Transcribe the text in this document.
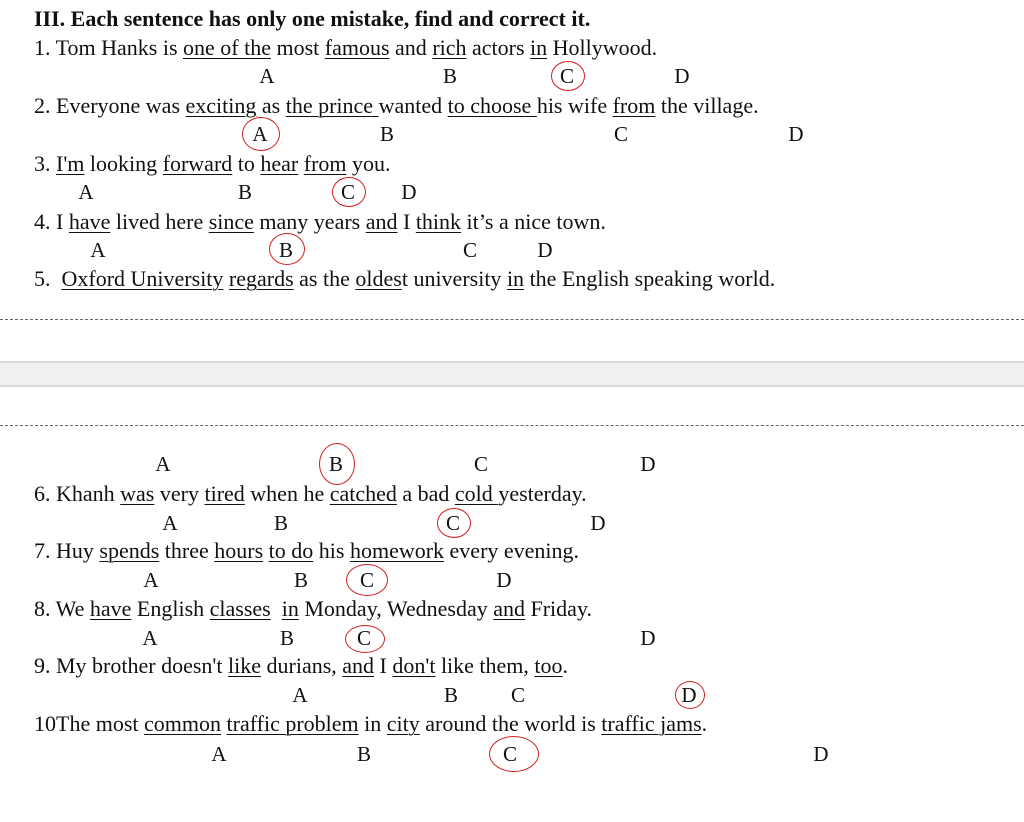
III. Each sentence has only one mistake, find and correct it.
1. Tom Hanks is one of the most famous and rich actors in Hollywood.
A	B	C	D
2. Everyone was exciting as the prince wanted to choose his wife from the village.
A	B	C	D
3. I'm looking forward to hear from you.
A	B	C	D
4. I have lived here since many years and I think it’s a nice town.
A	B	C	D
5.  Oxford University regards as the oldest university in the English speaking world.
A	B	C	D
6. Khanh was very tired when he catched a bad cold yesterday.
A	B	C	D
7. Huy spends three hours to do his homework every evening.
A	B	C	D
8. We have English classes in Monday, Wednesday and Friday.
A	B	C	D
9. My brother doesn't like durians, and I don't like them, too.
A	B	C	D
10The most common traffic problem in city around the world is traffic jams.
A	B	C	D
